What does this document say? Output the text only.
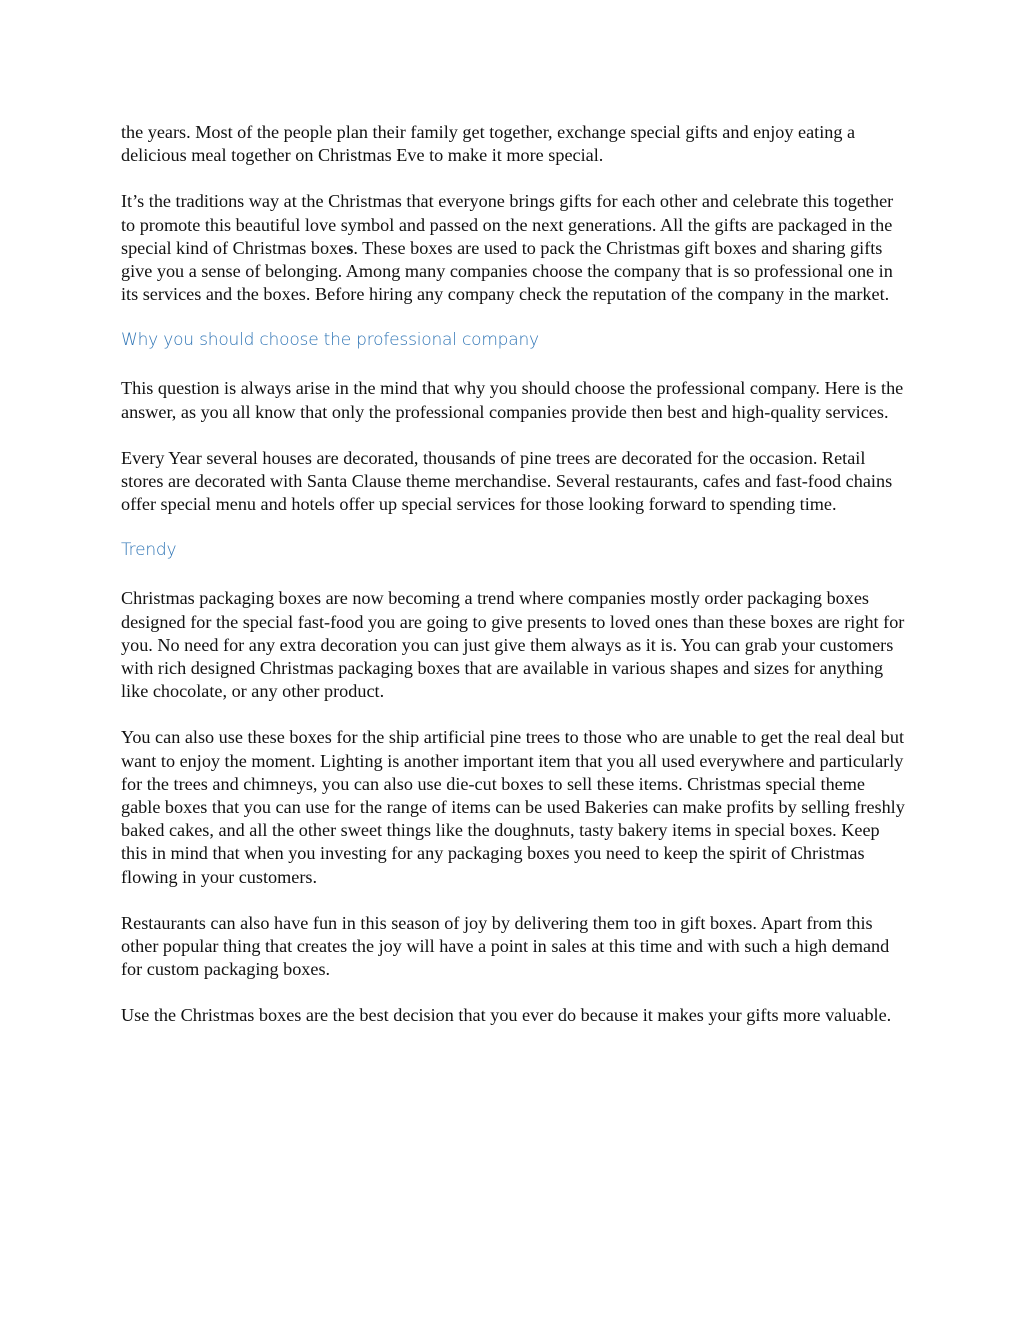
the years. Most of the people plan their family get together, exchange special gifts and enjoy eating a delicious meal together on Christmas Eve to make it more special.

It’s the traditions way at the Christmas that everyone brings gifts for each other and celebrate this together to promote this beautiful love symbol and passed on the next generations. All the gifts are packaged in the special kind of Christmas boxes. These boxes are used to pack the Christmas gift boxes and sharing gifts give you a sense of belonging. Among many companies choose the company that is so professional one in its services and the boxes. Before hiring any company check the reputation of the company in the market.

Why you should choose the professional company

This question is always arise in the mind that why you should choose the professional company. Here is the answer, as you all know that only the professional companies provide then best and high-quality services.

Every Year several houses are decorated, thousands of pine trees are decorated for the occasion. Retail stores are decorated with Santa Clause theme merchandise. Several restaurants, cafes and fast-food chains offer special menu and hotels offer up special services for those looking forward to spending time.

Trendy

Christmas packaging boxes are now becoming a trend where companies mostly order packaging boxes designed for the special fast-food you are going to give presents to loved ones than these boxes are right for you. No need for any extra decoration you can just give them always as it is. You can grab your customers with rich designed Christmas packaging boxes that are available in various shapes and sizes for anything like chocolate, or any other product.

You can also use these boxes for the ship artificial pine trees to those who are unable to get the real deal but want to enjoy the moment. Lighting is another important item that you all used everywhere and particularly for the trees and chimneys, you can also use die-cut boxes to sell these items. Christmas special theme gable boxes that you can use for the range of items can be used Bakeries can make profits by selling freshly baked cakes, and all the other sweet things like the doughnuts, tasty bakery items in special boxes. Keep this in mind that when you investing for any packaging boxes you need to keep the spirit of Christmas flowing in your customers.

Restaurants can also have fun in this season of joy by delivering them too in gift boxes. Apart from this other popular thing that creates the joy will have a point in sales at this time and with such a high demand for custom packaging boxes.

Use the Christmas boxes are the best decision that you ever do because it makes your gifts more valuable.
